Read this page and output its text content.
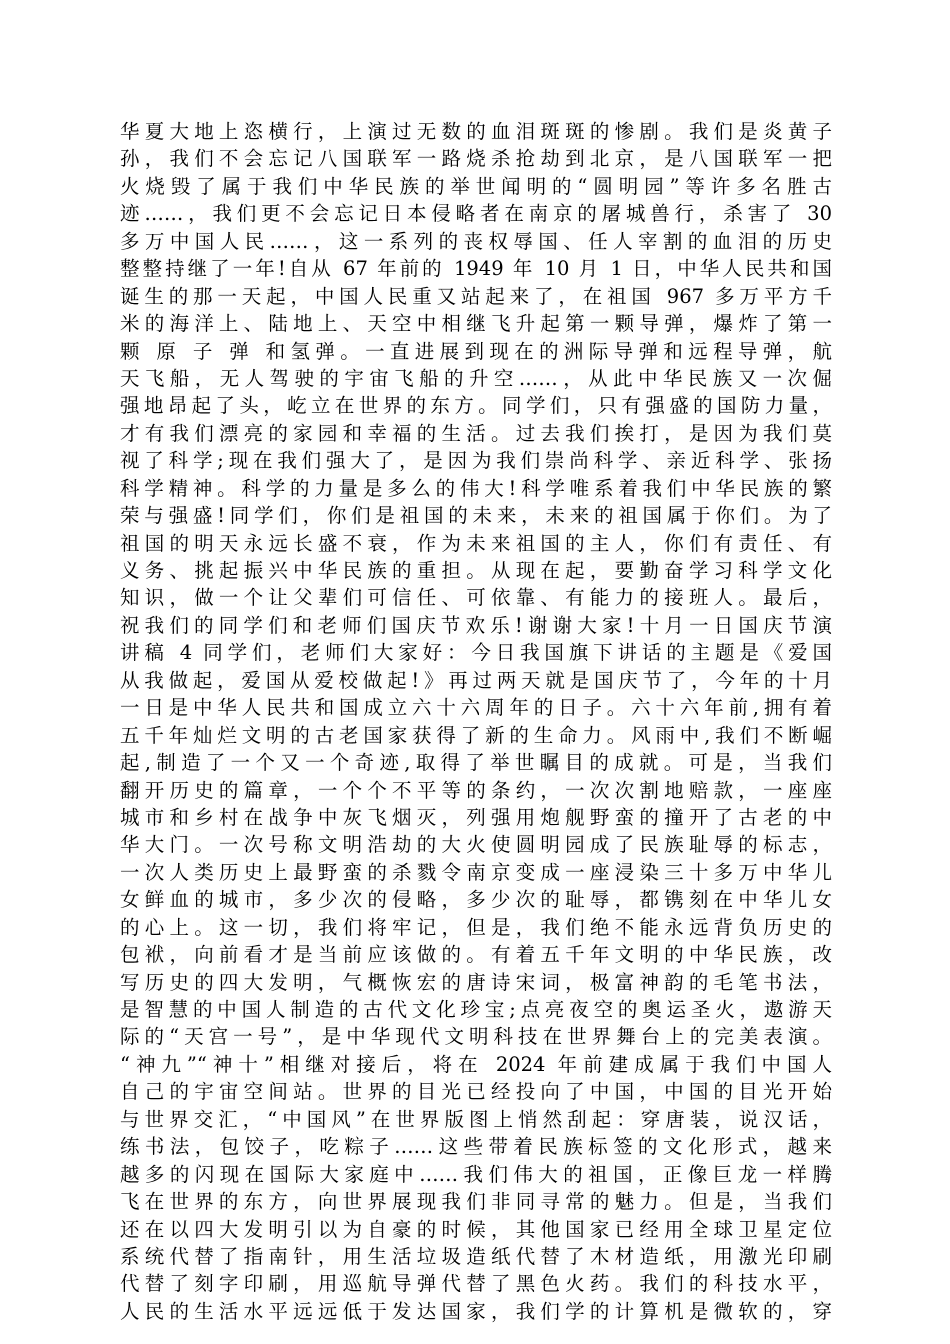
华夏大地上恣横行，上演过无数的血泪斑斑的惨剧。我们是炎黄子
孙，我们不会忘记八国联军一路烧杀抢劫到北京，是八国联军一把
火烧毁了属于我们中华民族的举世闻明的“圆明园”等许多名胜古
迹……，我们更不会忘记日本侵略者在南京的屠城兽行，杀害了 30
多万中国人民……，这一系列的丧权辱国、任人宰割的血泪的历史
整整持继了一年!自从 67 年前的 1949 年 10 月 1 日，中华人民共和国
诞生的那一天起，中国人民重又站起来了，在祖国 967 多万平方千
米的海洋上、陆地上、天空中相继飞升起第一颗导弹，爆炸了第一
颗 原 子 弹 和氢弹。一直进展到现在的洲际导弹和远程导弹，航
天飞船，无人驾驶的宇宙飞船的升空……，从此中华民族又一次倔
强地昂起了头，屹立在世界的东方。同学们，只有强盛的国防力量，
才有我们漂亮的家园和幸福的生活。过去我们挨打，是因为我们莫
视了科学;现在我们强大了，是因为我们崇尚科学、亲近科学、张扬
科学精神。科学的力量是多么的伟大!科学唯系着我们中华民族的繁
荣与强盛!同学们，你们是祖国的未来，未来的祖国属于你们。为了
祖国的明天永远长盛不衰，作为未来祖国的主人，你们有责任、有
义务、挑起振兴中华民族的重担。从现在起，要勤奋学习科学文化
知识，做一个让父辈们可信任、可依靠、有能力的接班人。最后，
祝我们的同学们和老师们国庆节欢乐!谢谢大家!十月一日国庆节演
讲稿 4 同学们，老师们大家好：今日我国旗下讲话的主题是《爱国
从我做起，爱国从爱校做起!》再过两天就是国庆节了，今年的十月
一日是中华人民共和国成立六十六周年的日子。六十六年前,拥有着
五千年灿烂文明的古老国家获得了新的生命力。风雨中,我们不断崛
起,制造了一个又一个奇迹,取得了举世瞩目的成就。可是，当我们
翻开历史的篇章，一个个不平等的条约，一次次割地赔款，一座座
城市和乡村在战争中灰飞烟灭，列强用炮舰野蛮的撞开了古老的中
华大门。一次号称文明浩劫的大火使圆明园成了民族耻辱的标志，
一次人类历史上最野蛮的杀戮令南京变成一座浸染三十多万中华儿
女鲜血的城市，多少次的侵略，多少次的耻辱，都镌刻在中华儿女
的心上。这一切，我们将牢记，但是，我们绝不能永远背负历史的
包袱，向前看才是当前应该做的。有着五千年文明的中华民族，改
写历史的四大发明，气概恢宏的唐诗宋词，极富神韵的毛笔书法，
是智慧的中国人制造的古代文化珍宝;点亮夜空的奥运圣火，遨游天
际的“天宫一号”，是中华现代文明科技在世界舞台上的完美表演。
“神九”“神十”相继对接后，将在 2024 年前建成属于我们中国人
自己的宇宙空间站。世界的目光已经投向了中国，中国的目光开始
与世界交汇，“中国风”在世界版图上悄然刮起：穿唐装，说汉话，
练书法，包饺子，吃粽子……这些带着民族标签的文化形式，越来
越多的闪现在国际大家庭中……我们伟大的祖国，正像巨龙一样腾
飞在世界的东方，向世界展现我们非同寻常的魅力。但是，当我们
还在以四大发明引以为自豪的时候，其他国家已经用全球卫星定位
系统代替了指南针，用生活垃圾造纸代替了木材造纸，用激光印刷
代替了刻字印刷，用巡航导弹代替了黑色火药。我们的科技水平，
人民的生活水平远远低于发达国家，我们学的计算机是微软的，穿
